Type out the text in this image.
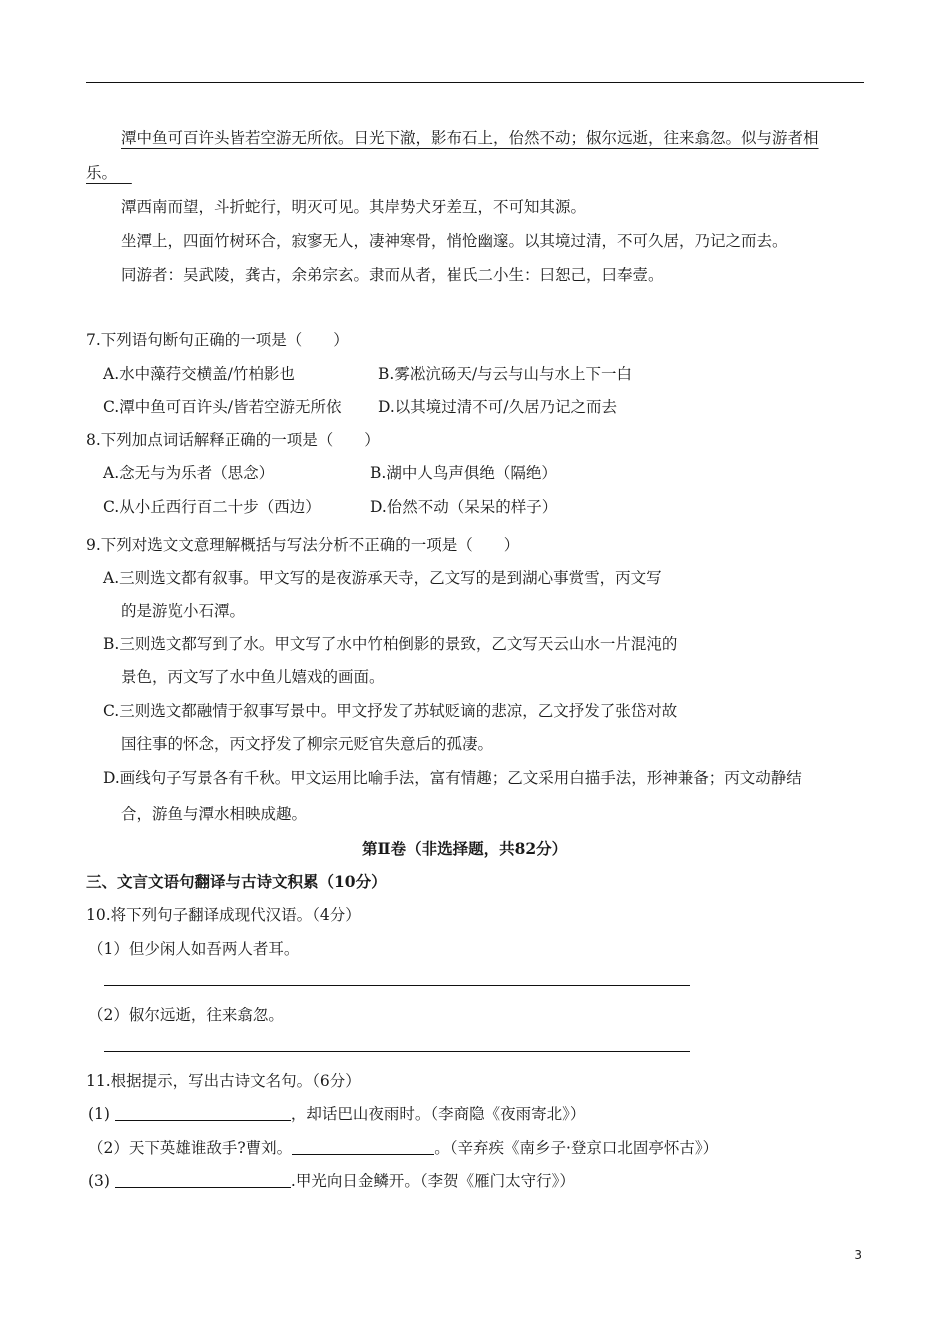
潭中鱼可百许头皆若空游无所依。日光下澈，影布石上，佁然不动；俶尔远逝，往来翕忽。似与游者相
乐。
潭西南而望，斗折蛇行，明灭可见。其岸势犬牙差互，不可知其源。
坐潭上，四面竹树环合，寂寥无人，凄神寒骨，悄怆幽邃。以其境过清，不可久居，乃记之而去。
同游者：吴武陵，龚古，余弟宗玄。隶而从者，崔氏二小生：曰恕己，曰奉壹。
7.下列语句断句正确的一项是（　　）
A.水中藻荇交横盖/竹柏影也	B.雾凇沆砀天/与云与山与水上下一白
C.潭中鱼可百许头/皆若空游无所依 D.以其境过清不可/久居乃记之而去
8.下列加点词话解释正确的一项是（　　）
A.念无与为乐者（思念）	B.湖中人鸟声俱绝（隔绝）
C.从小丘西行百二十步（西边）	D.佁然不动（呆呆的样子）
9.下列对选文文意理解概括与写法分析不正确的一项是（　　）
A.三则选文都有叙事。甲文写的是夜游承天寺，乙文写的是到湖心事赏雪，丙文写
的是游览小石潭。
B.三则选文都写到了水。甲文写了水中竹柏倒影的景致，乙文写天云山水一片混沌的
景色，丙文写了水中鱼儿嬉戏的画面。
C.三则选文都融情于叙事写景中。甲文抒发了苏轼贬谪的悲凉，乙文抒发了张岱对故
国往事的怀念，丙文抒发了柳宗元贬官失意后的孤凄。
D.画线句子写景各有千秋。甲文运用比喻手法，富有情趣；乙文采用白描手法，形神兼备；丙文动静结
合，游鱼与潭水相映成趣。
第Ⅱ卷（非选择题，共82分）
三、文言文语句翻译与古诗文积累（10分）
10.将下列句子翻译成现代汉语。（4分）
（1）但少闲人如吾两人者耳。
（2）俶尔远逝，往来翕忽。
11.根据提示，写出古诗文名句。（6分）
(1)	，却话巴山夜雨时。（李商隐《夜雨寄北》）
（2）天下英雄谁敌手?曹刘。	。（辛弃疾《南乡子·登京口北固亭怀古》）
(3)	.甲光向日金鳞开。（李贺《雁门太守行》）
3
